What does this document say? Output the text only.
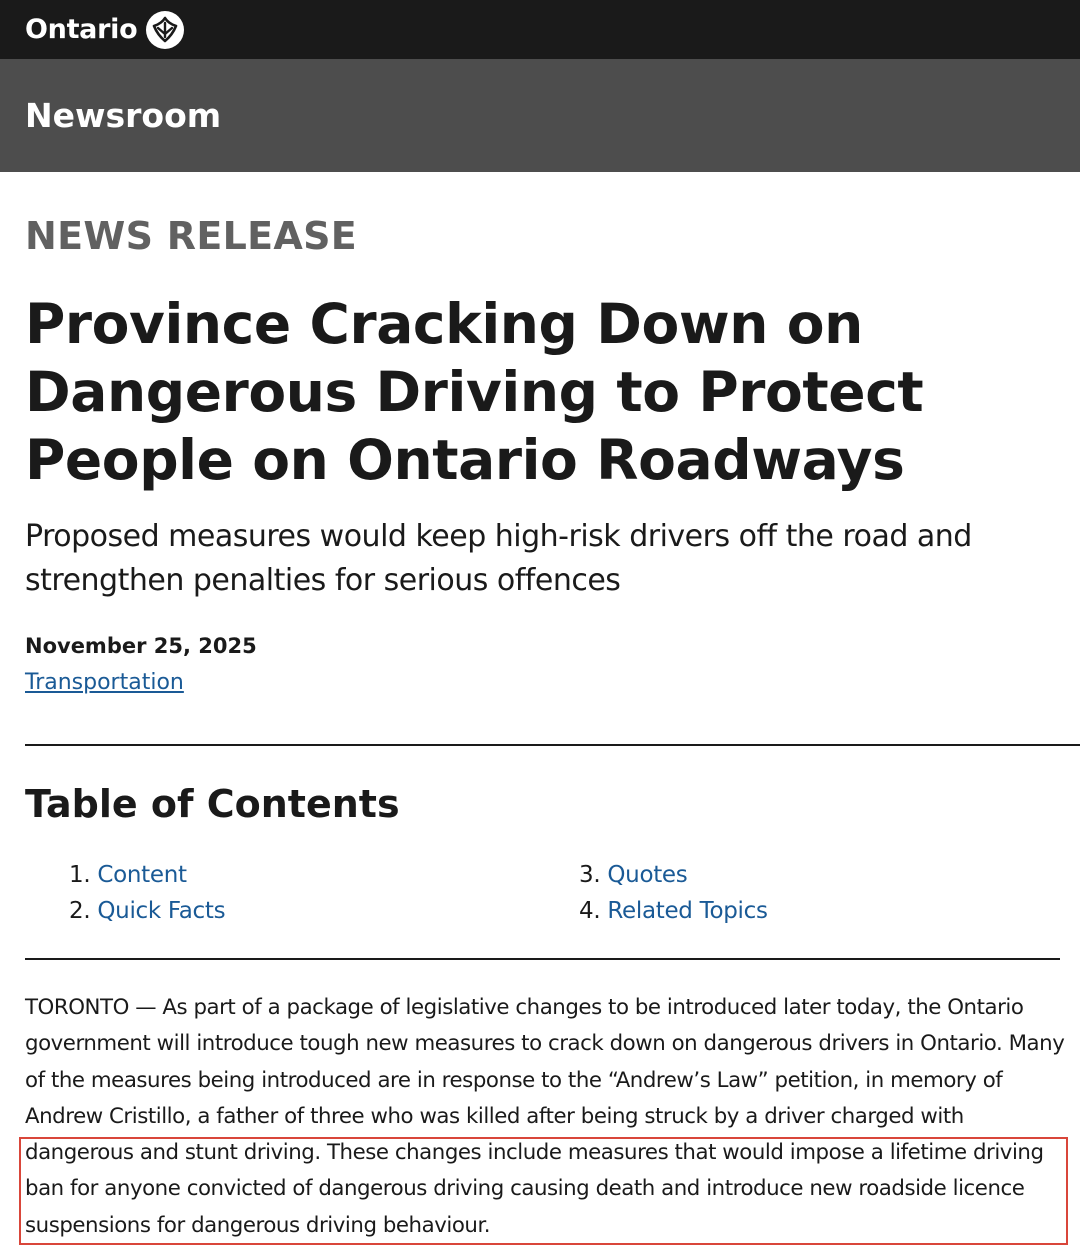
Ontario
Newsroom
NEWS RELEASE
Province Cracking Down on Dangerous Driving to Protect People on Ontario Roadways

Proposed measures would keep high-risk drivers off the road and strengthen penalties for serious offences

November 25, 2025
Transportation
Table of Contents
1. Content
2. Quick Facts
3. Quotes
4. Related Topics

TORONTO — As part of a package of legislative changes to be introduced later today, the Ontario government will introduce tough new measures to crack down on dangerous drivers in Ontario. Many of the measures being introduced are in response to the “Andrew’s Law” petition, in memory of Andrew Cristillo, a father of three who was killed after being struck by a driver charged with dangerous and stunt driving. These changes include measures that would impose a lifetime driving ban for anyone convicted of dangerous driving causing death and introduce new roadside licence suspensions for dangerous driving behaviour.
